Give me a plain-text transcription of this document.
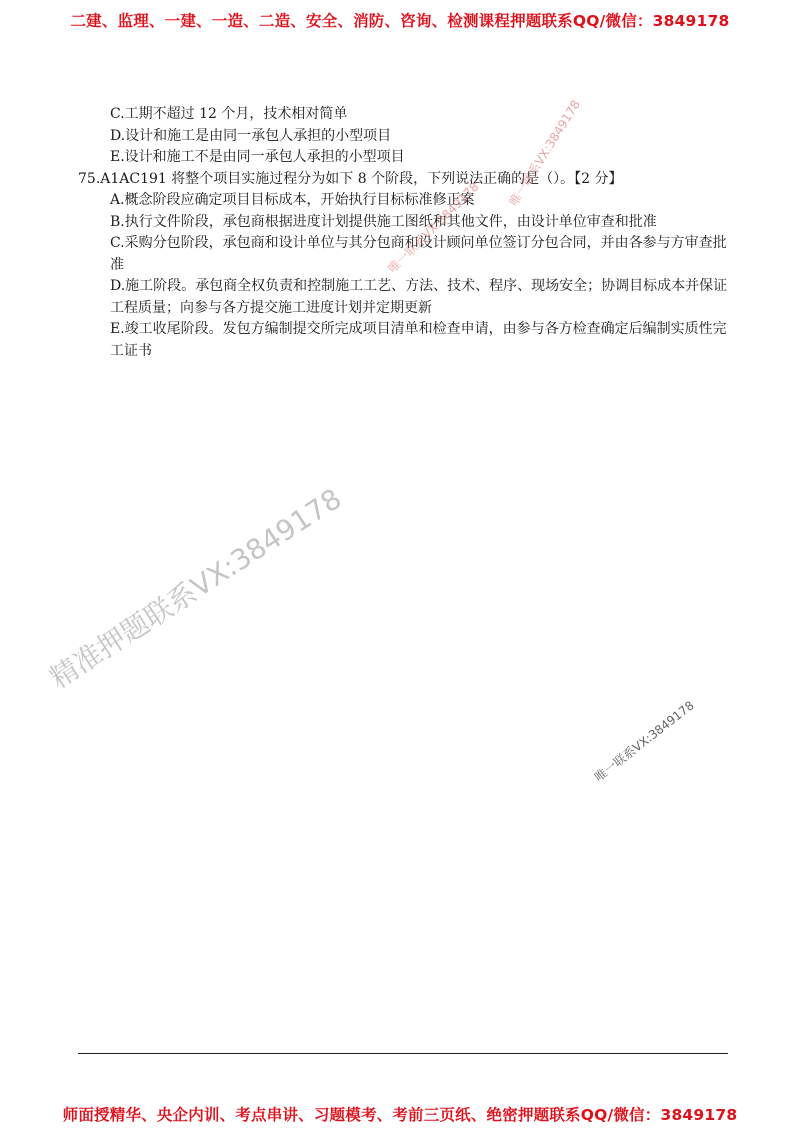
二建、监理、一建、一造、二造、安全、消防、咨询、检测课程押题联系QQ/微信：3849178
C.工期不超过 12 个月，技术相对简单
D.设计和施工是由同一承包人承担的小型项目
E.设计和施工不是由同一承包人承担的小型项目
75.A1AC191 将整个项目实施过程分为如下 8 个阶段，下列说法正确的是（）。【2 分】
A.概念阶段应确定项目目标成本，开始执行目标标准修正案
B.执行文件阶段，承包商根据进度计划提供施工图纸和其他文件，由设计单位审查和批准
C.采购分包阶段，承包商和设计单位与其分包商和设计顾问单位签订分包合同，并由各参与方审查批准
D.施工阶段。承包商全权负责和控制施工工艺、方法、技术、程序、现场安全；协调目标成本并保证工程质量；向参与各方提交施工进度计划并定期更新
E.竣工收尾阶段。发包方编制提交所完成项目清单和检查申请，由参与各方检查确定后编制实质性完工证书
精准押题联系VX:3849178
唯一联系VX:3849178
唯一联系VX:3849178
唯一联系VX:3849178
师面授精华、央企内训、考点串讲、习题模考、考前三页纸、绝密押题联系QQ/微信：3849178
